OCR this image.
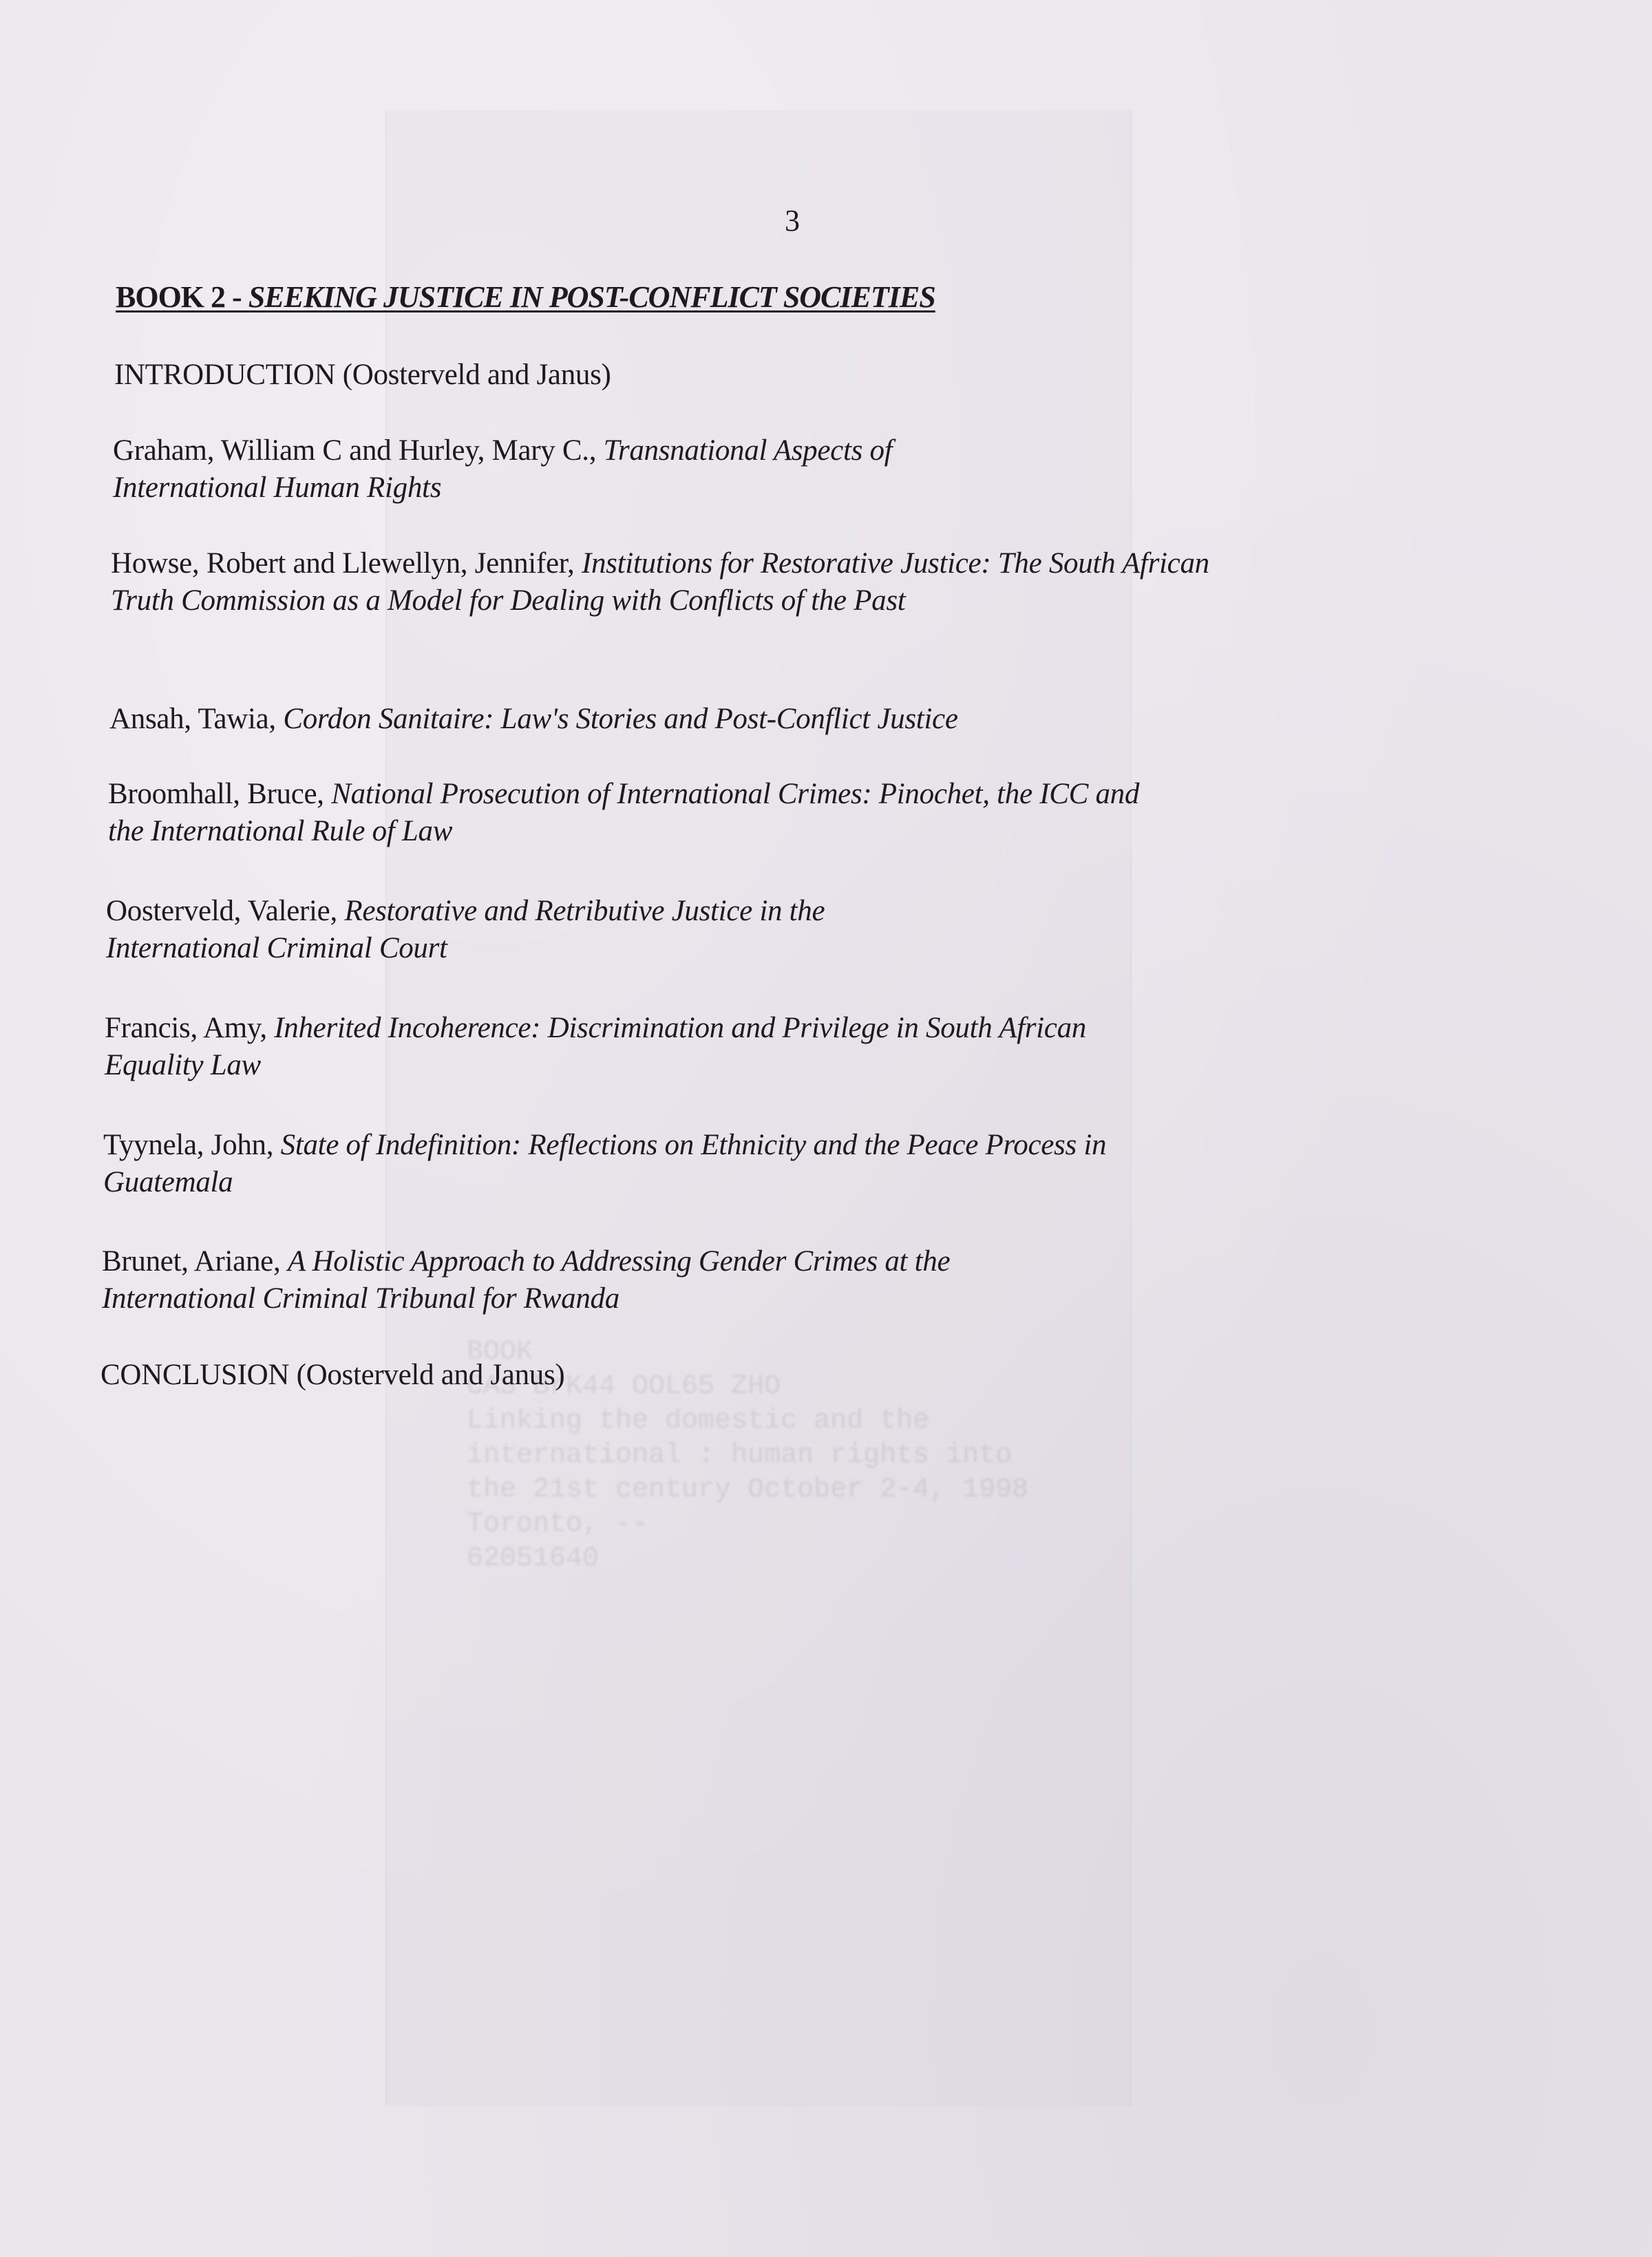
BOOK
CAS BrK44 OOL65 ZHO
Linking the domestic and the
international : human rights into
the 21st century October 2-4, 1998
Toronto, --
62051640
3
BOOK 2 - SEEKING JUSTICE IN POST-CONFLICT SOCIETIES
INTRODUCTION (Oosterveld and Janus)
Graham, William C and Hurley, Mary C., Transnational Aspects of International Human Rights
Howse, Robert and Llewellyn, Jennifer, Institutions for Restorative Justice: The South African Truth Commission as a Model for Dealing with Conflicts of the Past
Ansah, Tawia, Cordon Sanitaire: Law's Stories and Post-Conflict Justice
Broomhall, Bruce, National Prosecution of International Crimes: Pinochet, the ICC and the International Rule of Law
Oosterveld, Valerie, Restorative and Retributive Justice in the International Criminal Court
Francis, Amy, Inherited Incoherence: Discrimination and Privilege in South African Equality Law
Tyynela, John, State of Indefinition: Reflections on Ethnicity and the Peace Process in Guatemala
Brunet, Ariane, A Holistic Approach to Addressing Gender Crimes at the International Criminal Tribunal for Rwanda
CONCLUSION (Oosterveld and Janus)
